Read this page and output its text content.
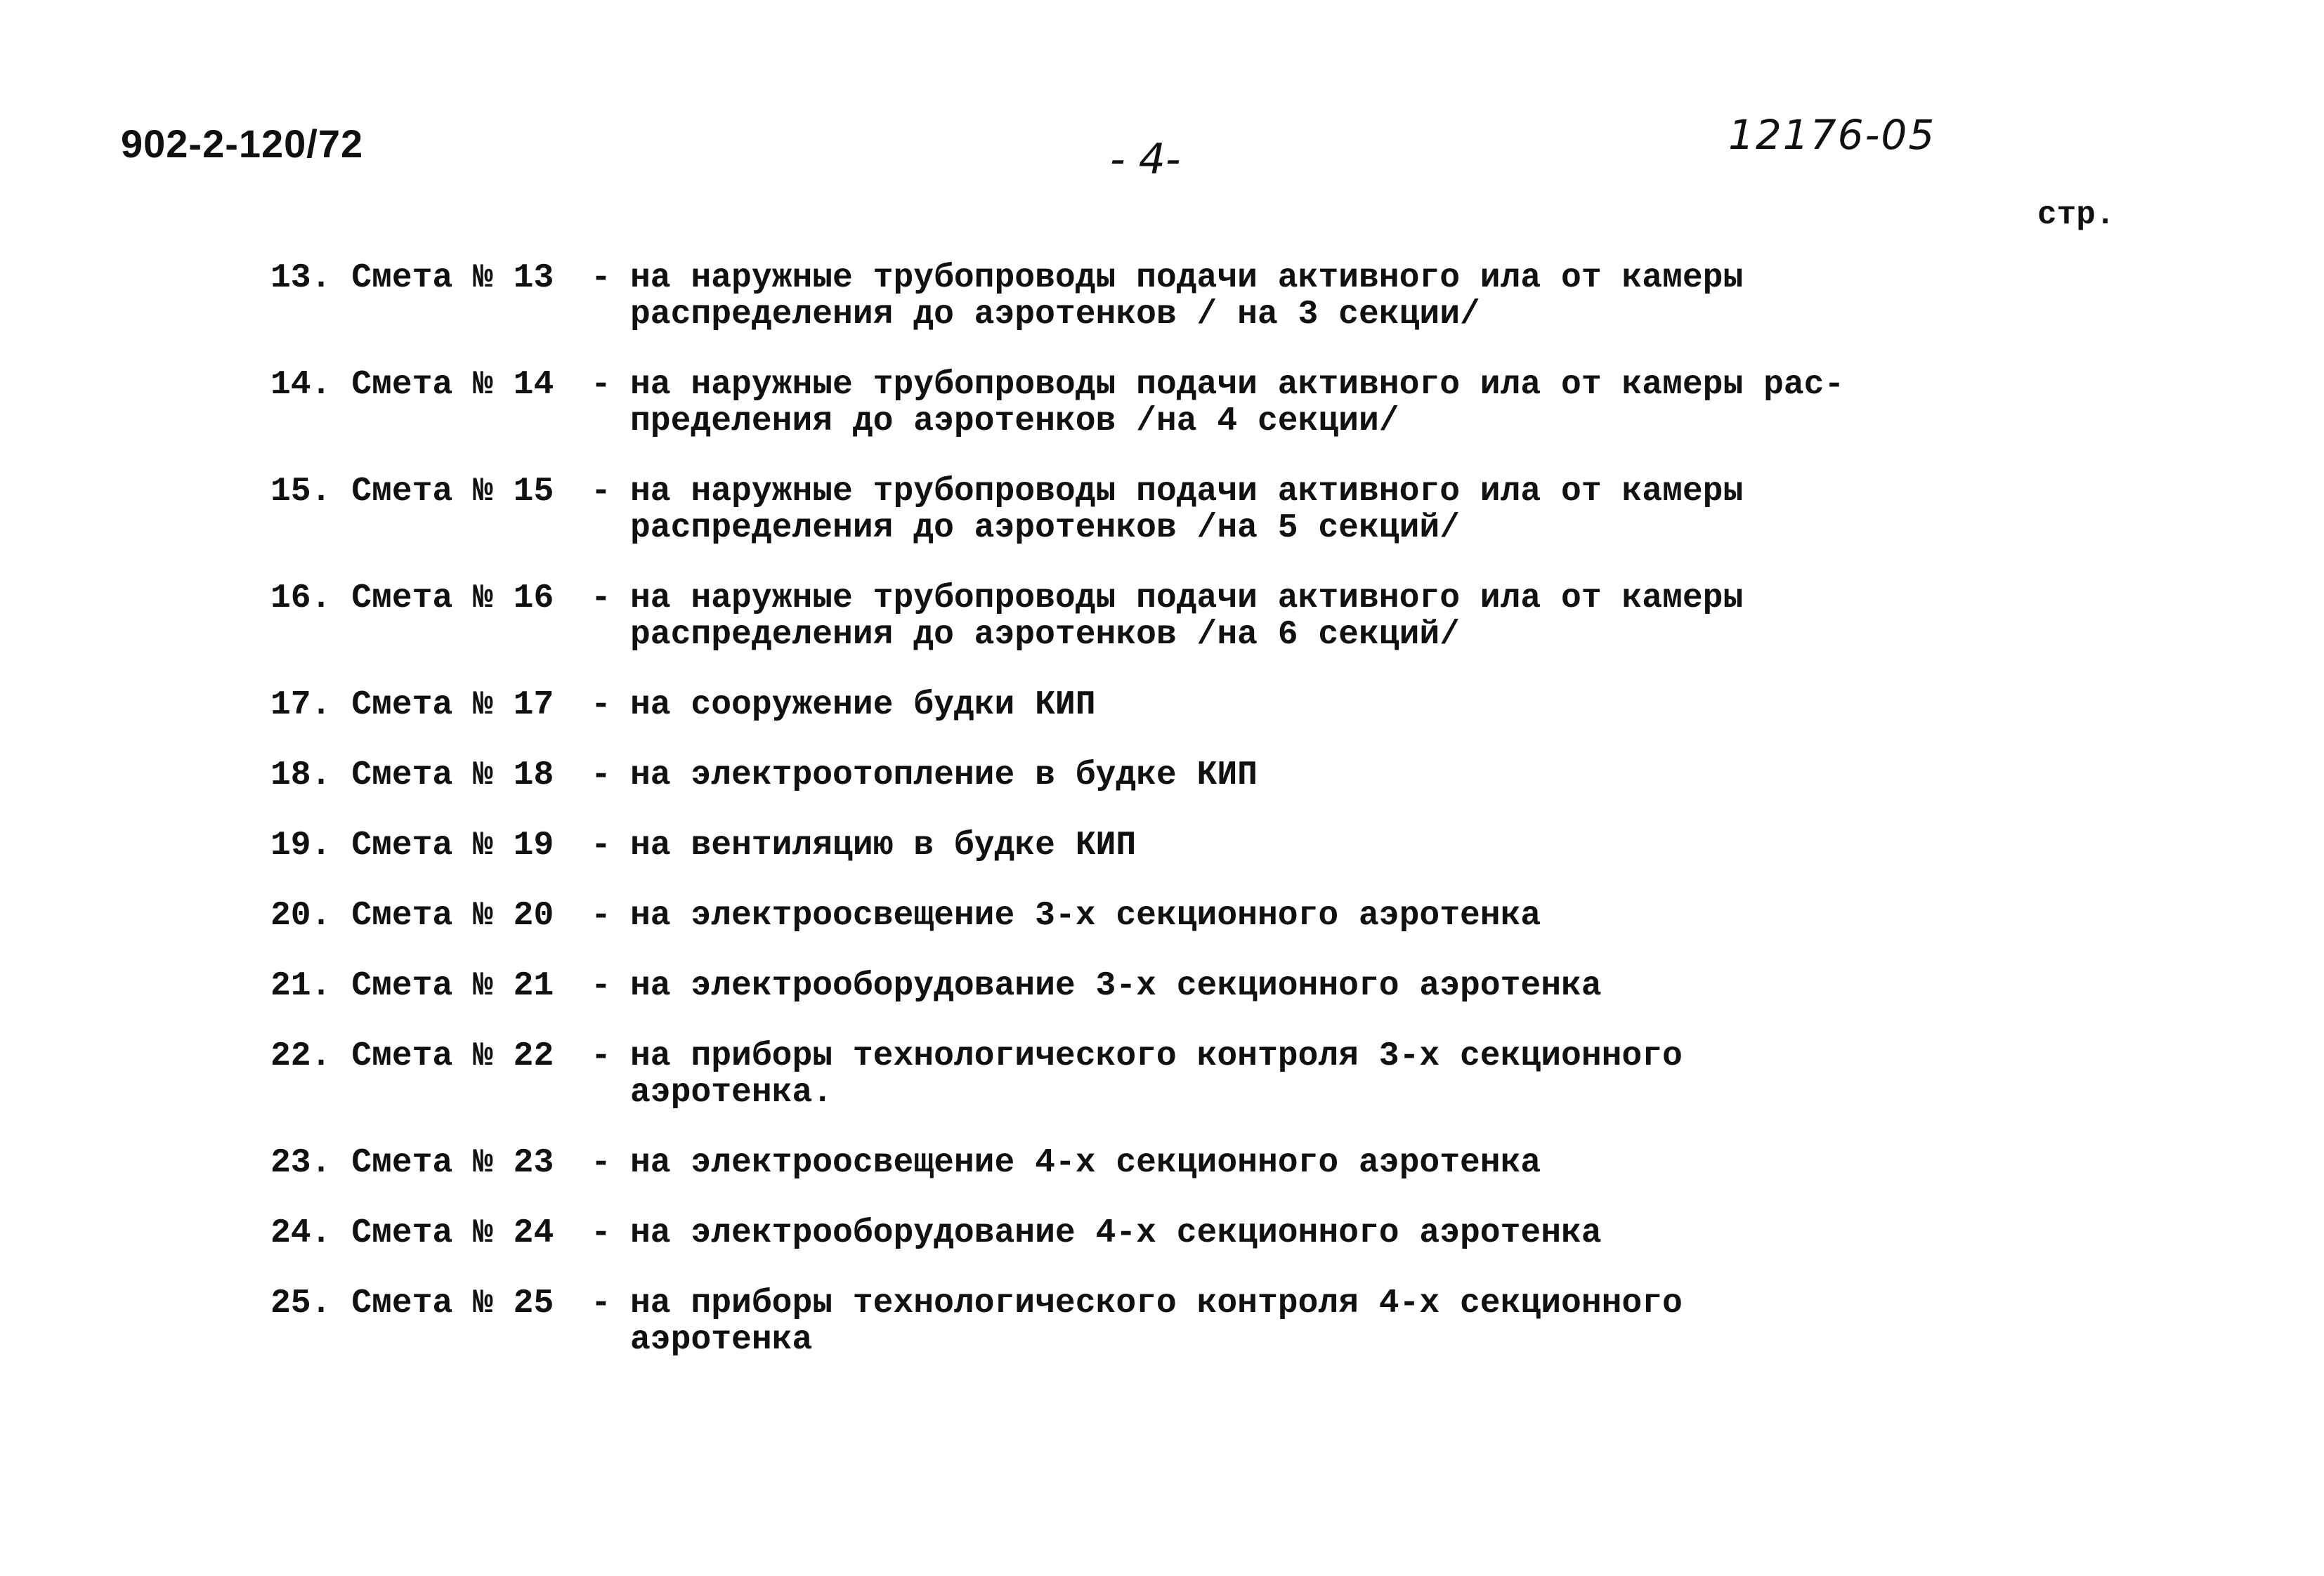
902-2-120/72	- 4-	12176-05
стр.
13. Смета № 13	- на наружные трубопроводы подачи активного ила от камеры
распределения до аэротенков / на 3 секции/
14. Смета № 14	- на наружные трубопроводы подачи активного ила от камеры рас-
пределения до аэротенков /на 4 секции/
15. Смета № 15	- на наружные трубопроводы подачи активного ила от камеры
распределения до аэротенков /на 5 секций/
16. Смета № 16	- на наружные трубопроводы подачи активного ила от камеры
распределения до аэротенков /на 6 секций/
17. Смета № 17	- на сооружение будки КИП
18. Смета № 18	- на электроотопление в будке КИП
19. Смета № 19	- на вентиляцию в будке КИП
20. Смета № 20	- на электроосвещение 3-х секционного аэротенка
21. Смета № 21	- на электрооборудование 3-х секционного аэротенка
22. Смета № 22	- на приборы технологического контроля 3-х секционного
аэротенка.
23. Смета № 23	- на электроосвещение 4-х секционного аэротенка
24. Смета № 24	- на электрооборудование 4-х секционного аэротенка
25. Смета № 25	- на приборы технологического контроля 4-х секционного
аэротенка
